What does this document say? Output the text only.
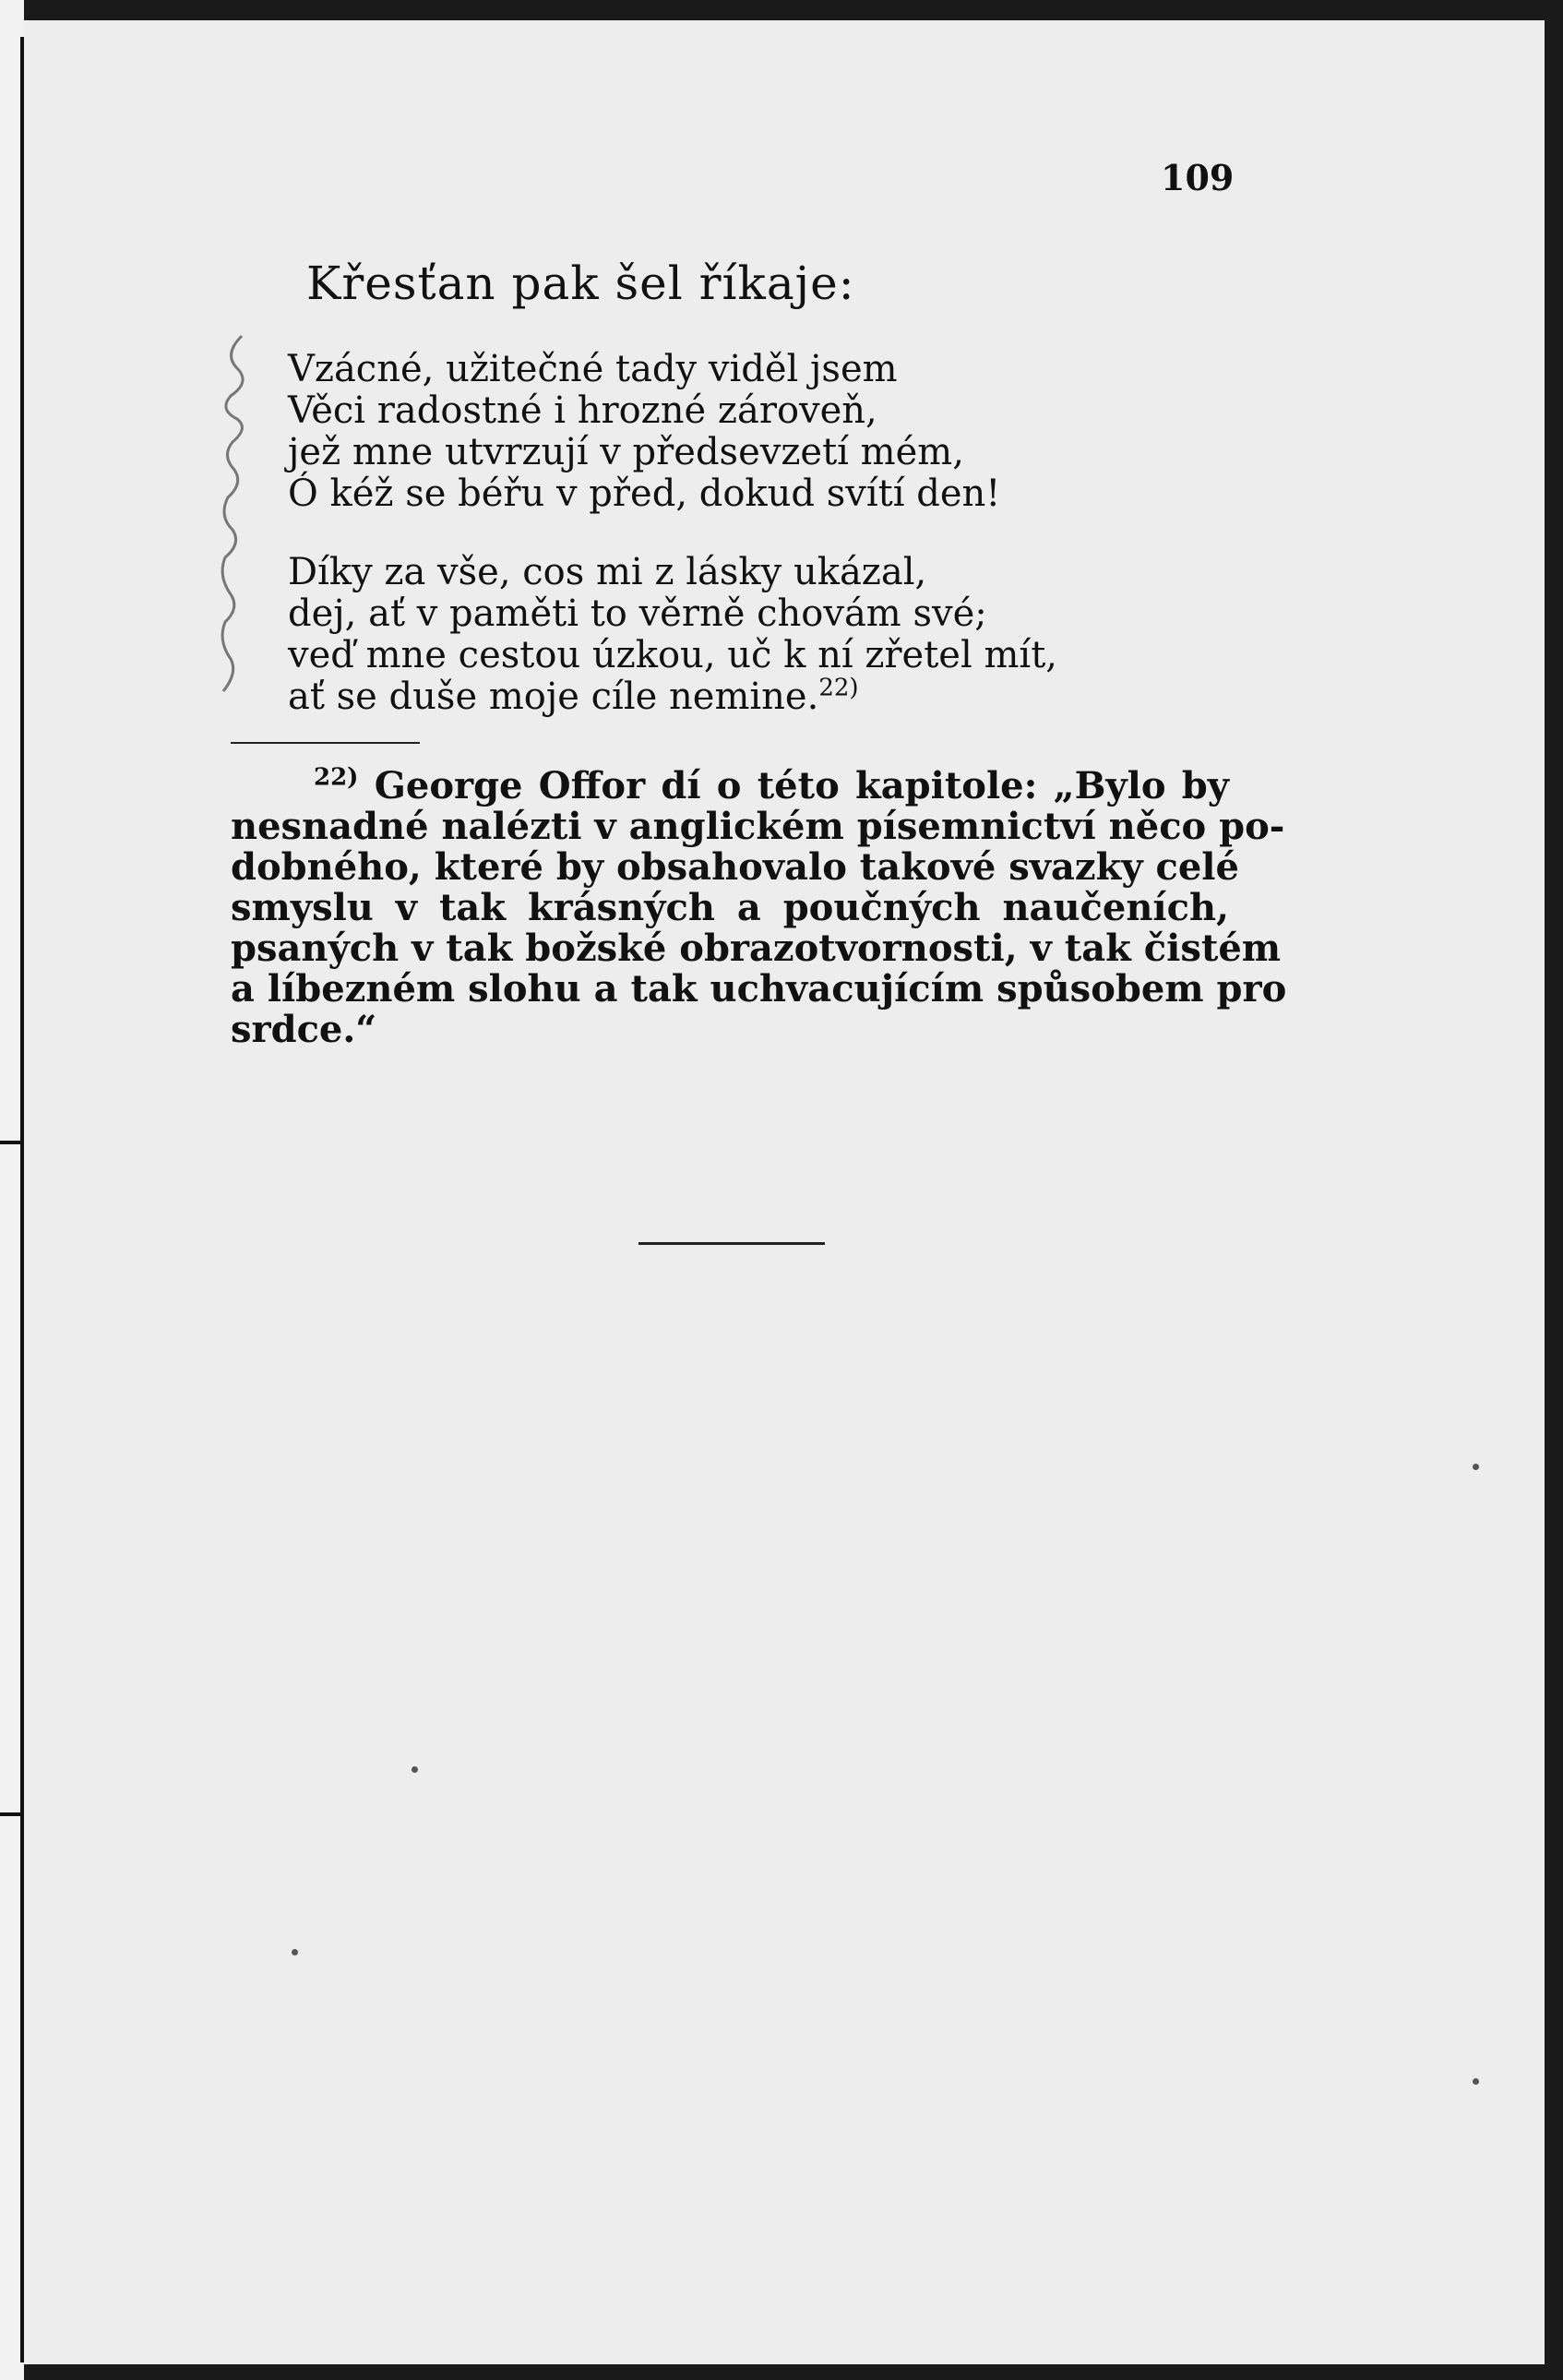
109
Křesťan pak šel říkaje:
Vzácné, užitečné tady viděl jsem
Věci radostné i hrozné zároveň,
jež mne utvrzují v předsevzetí mém,
Ó kéž se béřu v před, dokud svítí den!
Díky za vše, cos mi z lásky ukázal,
dej, ať v paměti to věrně chovám své;
veď mne cestou úzkou, uč k ní zřetel mít,
ať se duše moje cíle nemine.$^{22)}$
$^{22)}$ George Offor dí o této kapitole: „Bylo by
nesnadné nalézti v anglickém písemnictví něco po-
dobného, které by obsahovalo takové svazky celé
smyslu v tak krásných a poučných naučeních,
psaných v tak božské obrazotvornosti, v tak čistém
a líbezném slohu a tak uchvacujícím spůsobem pro
srdce.“
